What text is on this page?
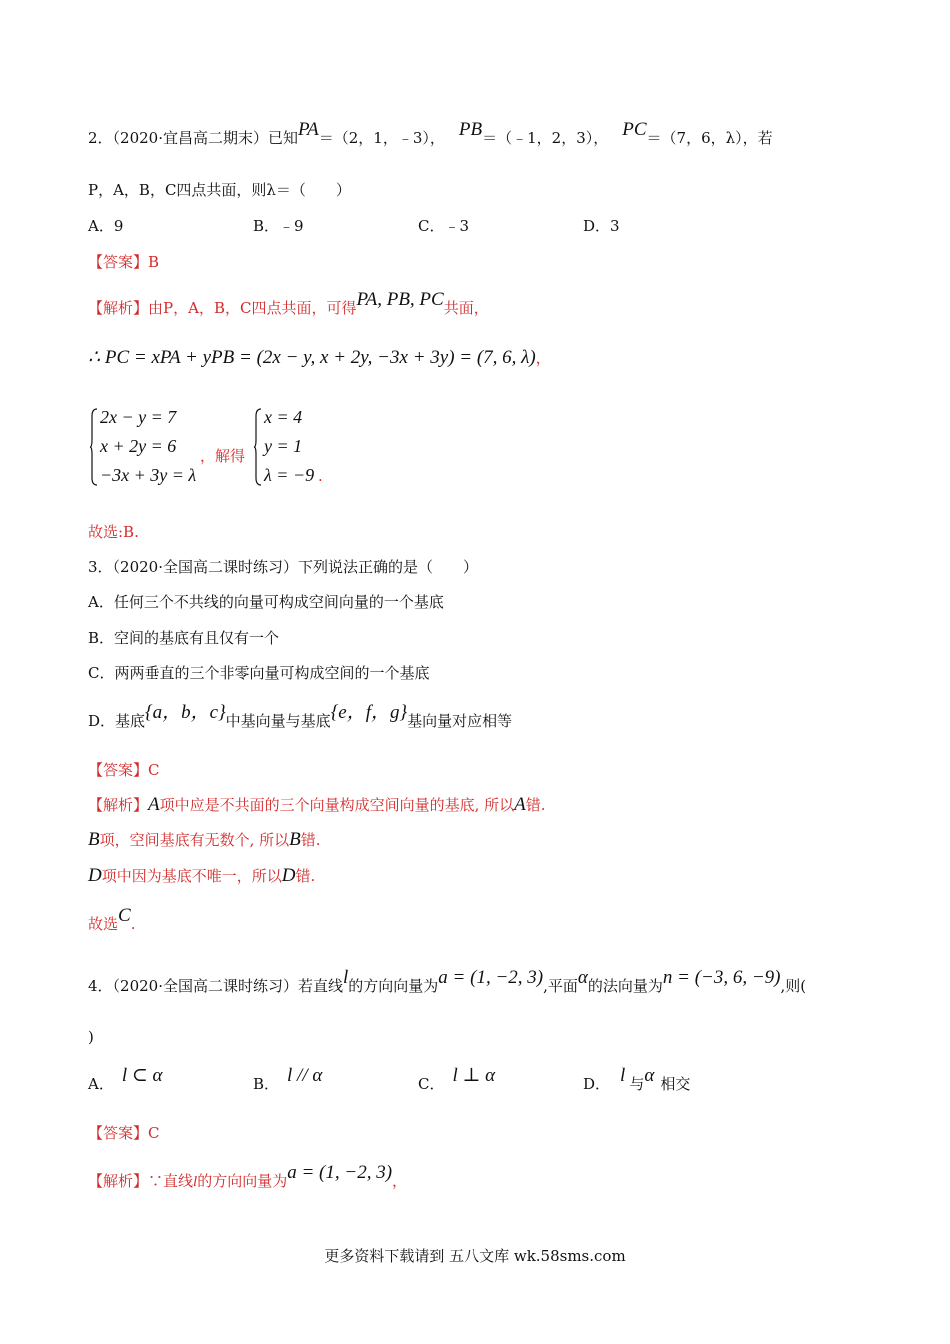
2．（2020·宜昌高二期末）已知PA＝（2，1，﹣3）， PB＝（﹣1，2，3）， PC＝（7，6，λ），若
P，A，B，C四点共面，则λ＝（　　）
A．9	B．﹣9	C．﹣3	D．3
【答案】B
【解析】由P，A，B，C四点共面，可得PA, PB, PC共面，
∴ PC = xPA + yPB = (2x − y, x + 2y, −3x + 3y) = (7, 6, λ)，
2x − y = 7
x + 2y = 6
−3x + 3y = λ
，解得
x = 4
y = 1
λ = −9 .
故选:B.
3．（2020·全国高二课时练习）下列说法正确的是（　　）
A．任何三个不共线的向量可构成空间向量的一个基底
B．空间的基底有且仅有一个
C．两两垂直的三个非零向量可构成空间的一个基底
D．基底{a，b，c}中基向量与基底{e，f，g}基向量对应相等
【答案】C
【解析】A项中应是不共面的三个向量构成空间向量的基底, 所以A错.
B项，空间基底有无数个, 所以B错.
D项中因为基底不唯一，所以D错.
故选C.
4．（2020·全国高二课时练习）若直线l的方向向量为a = (1, −2, 3),平面α的法向量为n = (−3, 6, −9),则(
)
A． l ⊂ α	B． l // α	C． l ⊥ α	D． l 与α 相交
【答案】C
【解析】∵直线l的方向向量为a = (1, −2, 3)，
更多资料下载请到 五八文库 wk.58sms.com
